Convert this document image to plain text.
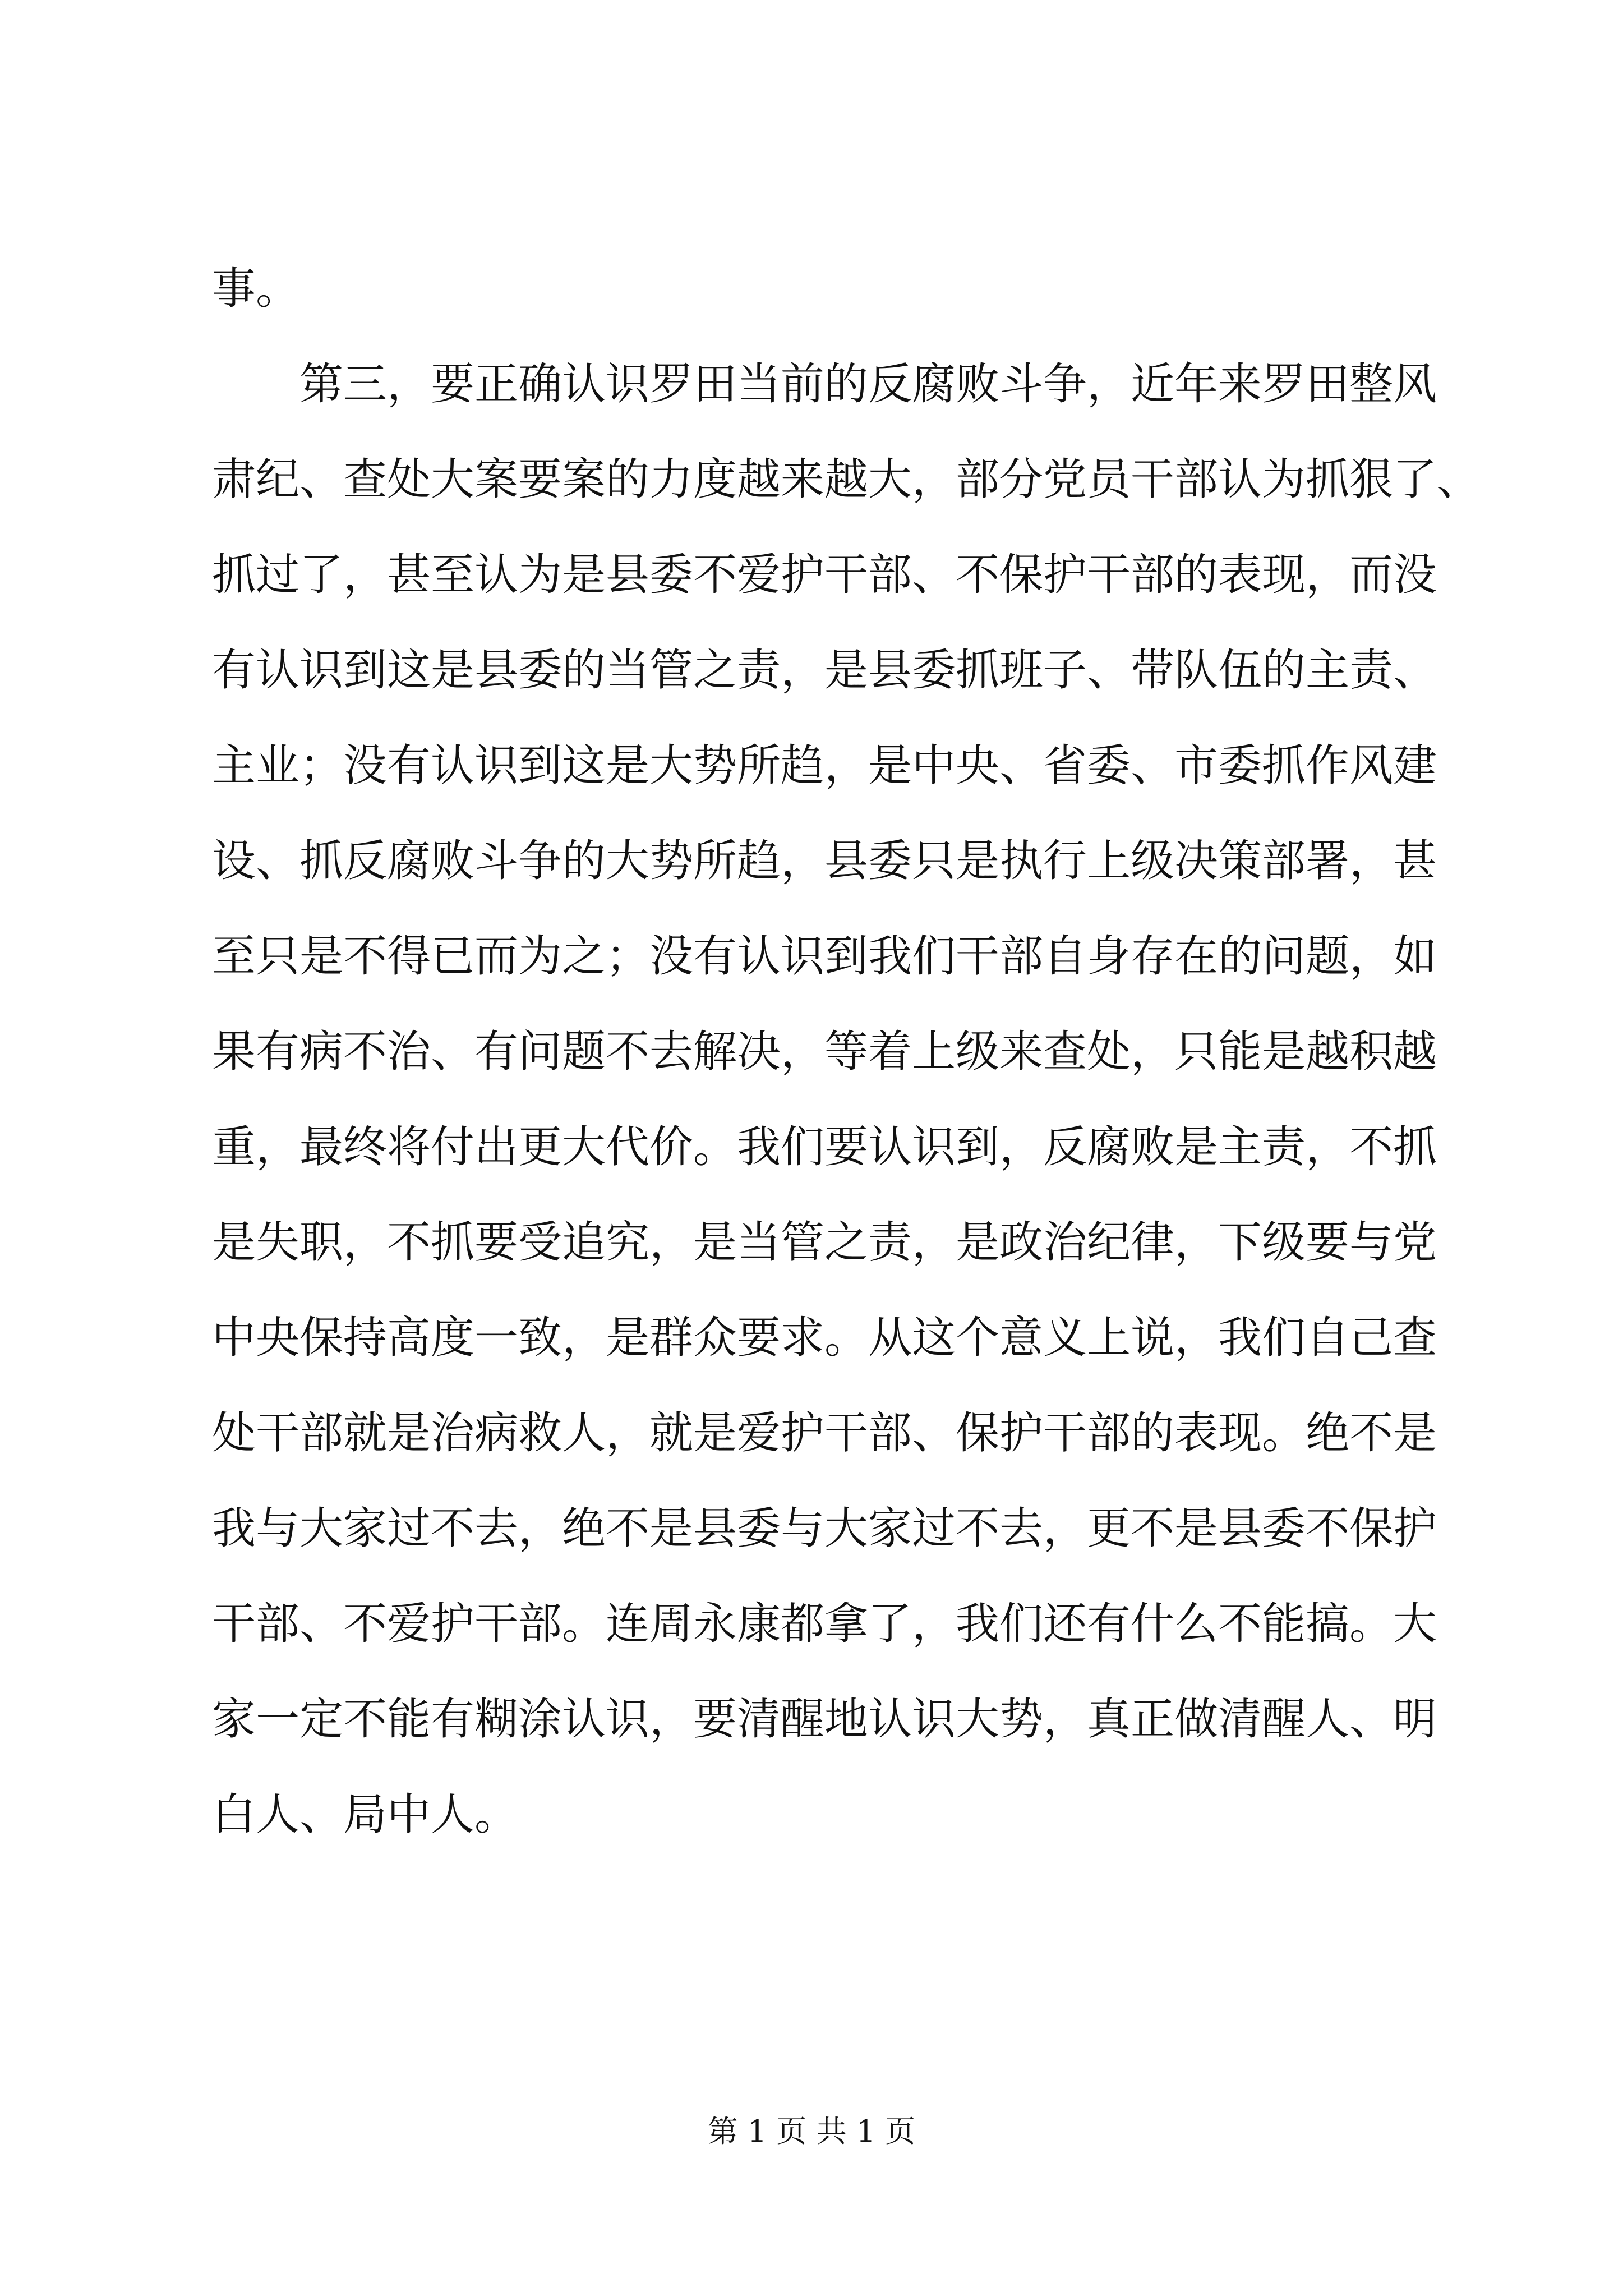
事。
　　第三，要正确认识罗田当前的反腐败斗争，近年来罗田整风
肃纪、查处大案要案的力度越来越大，部分党员干部认为抓狠了、
抓过了，甚至认为是县委不爱护干部、不保护干部的表现，而没
有认识到这是县委的当管之责，是县委抓班子、带队伍的主责、
主业；没有认识到这是大势所趋，是中央、省委、市委抓作风建
设、抓反腐败斗争的大势所趋，县委只是执行上级决策部署，甚
至只是不得已而为之；没有认识到我们干部自身存在的问题，如
果有病不治、有问题不去解决，等着上级来查处，只能是越积越
重，最终将付出更大代价。我们要认识到，反腐败是主责，不抓
是失职，不抓要受追究，是当管之责，是政治纪律，下级要与党
中央保持高度一致，是群众要求。从这个意义上说，我们自己查
处干部就是治病救人，就是爱护干部、保护干部的表现。绝不是
我与大家过不去，绝不是县委与大家过不去，更不是县委不保护
干部、不爱护干部。连周永康都拿了，我们还有什么不能搞。大
家一定不能有糊涂认识，要清醒地认识大势，真正做清醒人、明
白人、局中人。
第 1 页 共 1 页
